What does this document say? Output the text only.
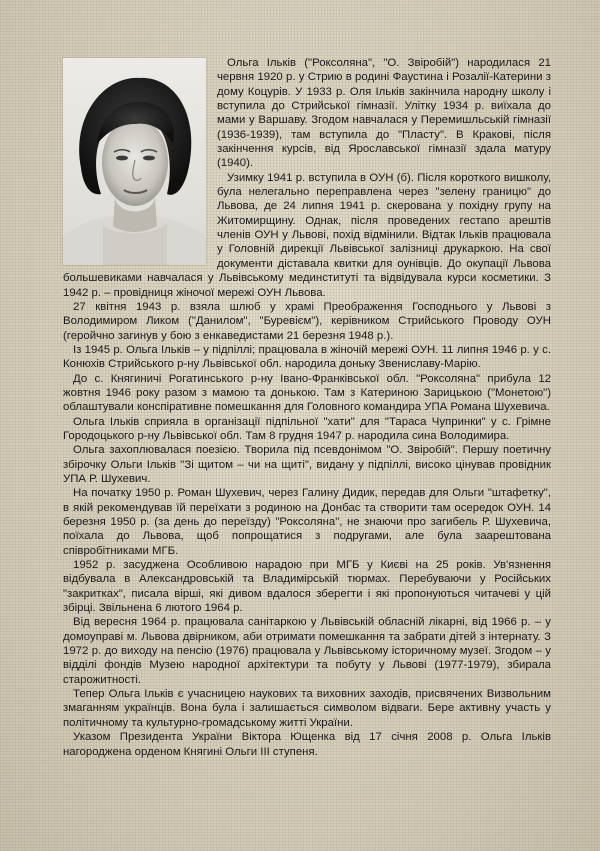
Ольга Ільків ("Роксоляна", "О. Звіробій") народилася 21 червня 1920 р. у Стрию в родині Фаустина і Розалії-Катерини з дому Коцурів. У 1933 р. Оля Ільків закінчила народну школу і вступила до Стрийської гімназії. Улітку 1934 р. виїхала до мами у Варшаву. Згодом навчалася у Перемишльській гімназії (1936-1939), там вступила до "Пласту". В Кракові, після закінчення курсів, від Ярославської гімназії здала матуру (1940).

Узимку 1941 р. вступила в ОУН (б). Після короткого вишколу, була нелегально переправлена через "зелену границю" до Львова, де 24 липня 1941 р. скерована у похідну групу на Житомирщину. Однак, після проведених гестапо арештів членів ОУН у Львові, похід відмінили. Відтак Ільків працювала у Головній дирекції Львівської залізниці друкаркою. На свої документи діставала квитки для оунівців. До окупації Львова большевиками навчалася у Львівському мединституті та відвідувала курси косметики. З 1942 р. – провідниця жіночої мережі ОУН Львова.

27 квітня 1943 р. взяла шлюб у храмі Преображення Господнього у Львові з Володимиром Ликом ("Данилом", "Буревієм"), керівником Стрийського Проводу ОУН (геройчно загинув у бою з енкаведистами 21 березня 1948 р.).

Із 1945 р. Ольга Ільків – у підпіллі; працювала в жіночій мережі ОУН. 11 липня 1946 р. у с. Конюхів Стрийського р-ну Львівської обл. народила доньку Звениславу-Марію.

До с. Княгиничі Рогатинського р-ну Івано-Франківської обл. "Роксоляна" прибула 12 жовтня 1946 року разом з мамою та донькою. Там з Катериною Зарицькою ("Монетою") облаштували конспіративне помешкання для Головного командира УПА Романа Шухевича.

Ольга Ільків сприяла в організації підпільної "хати" для "Тараса Чупринки" у с. Грімне Городоцького р-ну Львівської обл. Там 8 грудня 1947 р. народила сина Володимира.

Ольга захоплювалася поезією. Творила під псевдонімом "О. Звіробій". Першу поетичну збірочку Ольги Ільків "Зі щитом – чи на щиті", видану у підпіллі, високо цінував провідник УПА Р. Шухевич.

На початку 1950 р. Роман Шухевич, через Галину Дидик, передав для Ольги "штафетку", в якій рекомендував їй переїхати з родиною на Донбас та створити там осередок ОУН. 14 березня 1950 р. (за день до переїзду) "Роксоляна", не знаючи про загибель Р. Шухевича, поїхала до Львова, щоб попрощатися з подругами, але була заарештована співробітниками МГБ.

1952 р. засуджена Особливою нарадою при МГБ у Києві на 25 років. Ув'язнення відбувала в Александровській та Владимірській тюрмах. Перебуваючи у Російських "закритках", писала вірші, які дивом вдалося зберегти і які пропонуються читачеві у цій збірці. Звільнена 6 лютого 1964 р.

Від вересня 1964 р. працювала санітаркою у Львівській обласній лікарні, від 1966 р. – у домоуправі м. Львова двірником, аби отримати помешкання та забрати дітей з інтернату. З 1972 р. до виходу на пенсію (1976) працювала у Львівському історичному музеї. Згодом – у відділі фондів Музею народної архітектури та побуту у Львові (1977-1979), збирала старожитності.

Тепер Ольга Ільків є учасницею наукових та виховних заходів, присвячених Визвольним змаганням українців. Вона була і залишається символом відваги. Бере активну участь у політичному та культурно-громадському житті України.

Указом Президента України Віктора Ющенка від 17 січня 2008 р. Ольга Ільків нагороджена орденом Княгині Ольги III ступеня.
